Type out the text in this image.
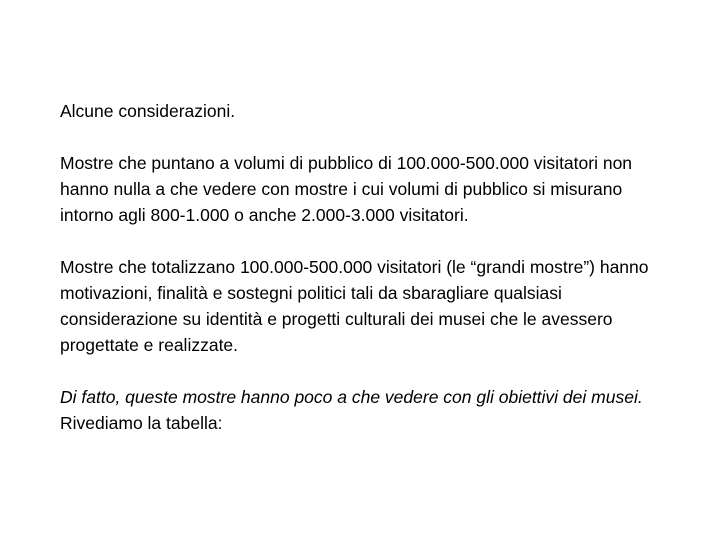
Alcune considerazioni.

Mostre che puntano a volumi di pubblico di 100.000-500.000 visitatori non hanno nulla a che vedere con mostre i cui volumi di pubblico si misurano intorno agli 800-1.000 o anche 2.000-3.000 visitatori.

Mostre che totalizzano 100.000-500.000 visitatori (le “grandi mostre”) hanno motivazioni, finalità e sostegni politici tali da sbaragliare qualsiasi considerazione su identità e progetti culturali dei musei che le avessero progettate e realizzate.

Di fatto, queste mostre hanno poco a che vedere con gli obiettivi dei musei. Rivediamo la tabella:
